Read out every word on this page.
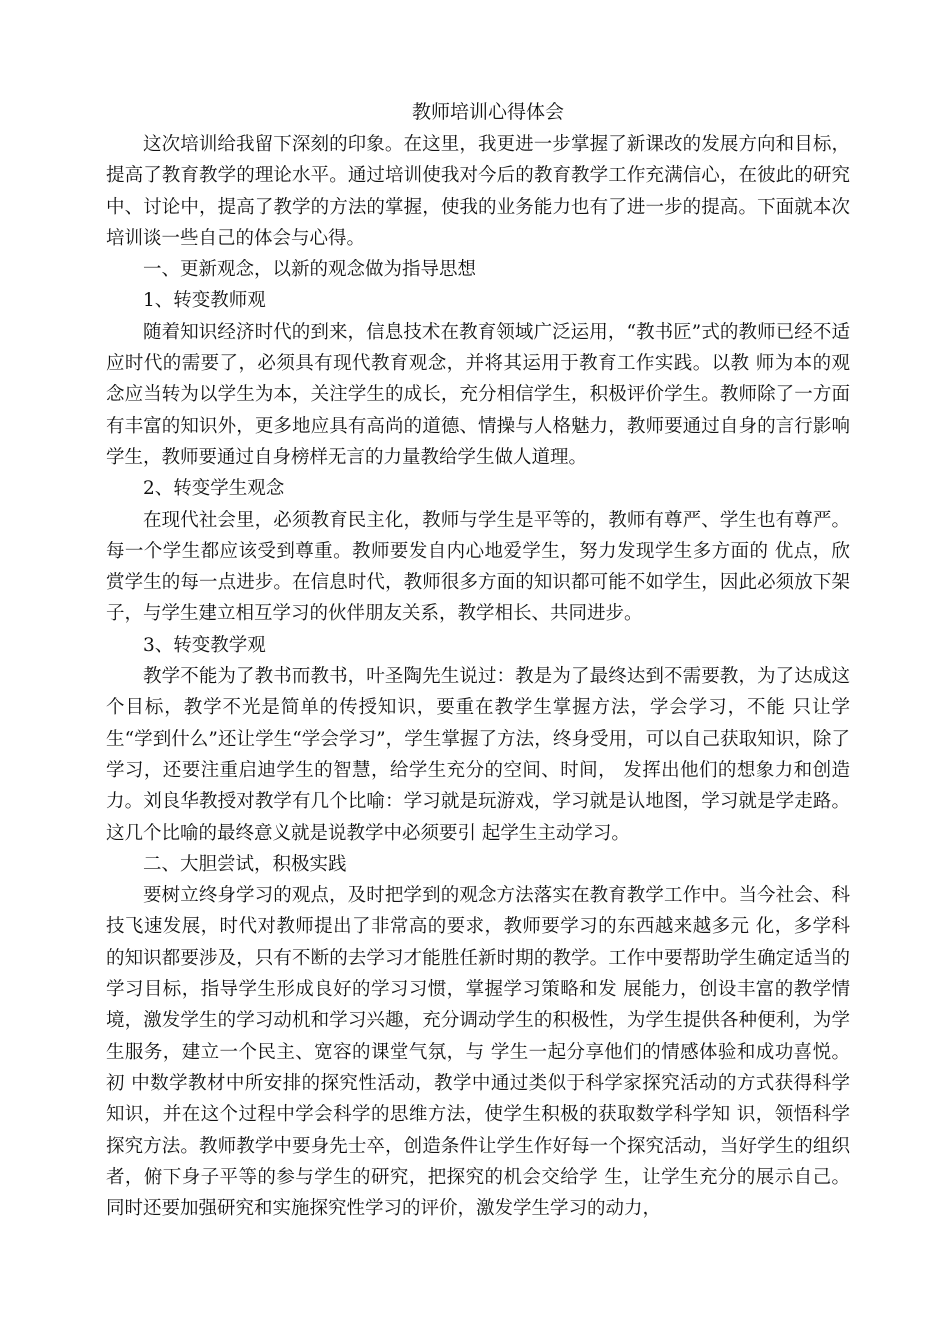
教师培训心得体会

这次培训给我留下深刻的印象。在这里，我更进一步掌握了新课改的发展方向和目标，提高了教育教学的理论水平。通过培训使我对今后的教育教学工作充满信心，在彼此的研究中、讨论中，提高了教学的方法的掌握，使我的业务能力也有了进一步的提高。下面就本次培训谈一些自己的体会与心得。

一、更新观念，以新的观念做为指导思想

1、转变教师观

随着知识经济时代的到来，信息技术在教育领域广泛运用，“教书匠”式的教师已经不适应时代的需要了，必须具有现代教育观念，并将其运用于教育工作实践。以教 师为本的观念应当转为以学生为本，关注学生的成长，充分相信学生，积极评价学生。教师除了一方面有丰富的知识外，更多地应具有高尚的道德、情操与人格魅力，教师要通过自身的言行影响学生，教师要通过自身榜样无言的力量教给学生做人道理。

2、转变学生观念

在现代社会里，必须教育民主化，教师与学生是平等的，教师有尊严、学生也有尊严。每一个学生都应该受到尊重。教师要发自内心地爱学生，努力发现学生多方面的 优点，欣赏学生的每一点进步。在信息时代，教师很多方面的知识都可能不如学生，因此必须放下架子，与学生建立相互学习的伙伴朋友关系，教学相长、共同进步。

3、转变教学观

教学不能为了教书而教书，叶圣陶先生说过：教是为了最终达到不需要教，为了达成这个目标，教学不光是简单的传授知识，要重在教学生掌握方法，学会学习，不能 只让学生“学到什么”还让学生“学会学习”，学生掌握了方法，终身受用，可以自己获取知识，除了学习，还要注重启迪学生的智慧，给学生充分的空间、时间， 发挥出他们的想象力和创造力。刘良华教授对教学有几个比喻：学习就是玩游戏，学习就是认地图，学习就是学走路。这几个比喻的最终意义就是说教学中必须要引 起学生主动学习。

二、大胆尝试，积极实践

要树立终身学习的观点，及时把学到的观念方法落实在教育教学工作中。当今社会、科技飞速发展，时代对教师提出了非常高的要求，教师要学习的东西越来越多元 化，多学科的知识都要涉及，只有不断的去学习才能胜任新时期的教学。工作中要帮助学生确定适当的学习目标，指导学生形成良好的学习习惯，掌握学习策略和发 展能力，创设丰富的教学情境，激发学生的学习动机和学习兴趣，充分调动学生的积极性，为学生提供各种便利，为学生服务，建立一个民主、宽容的课堂气氛，与 学生一起分享他们的情感体验和成功喜悦。初 中数学教材中所安排的探究性活动，教学中通过类似于科学家探究活动的方式获得科学知识，并在这个过程中学会科学的思维方法，使学生积极的获取数学科学知 识，领悟科学探究方法。教师教学中要身先士卒，创造条件让学生作好每一个探究活动，当好学生的组织者，俯下身子平等的参与学生的研究，把探究的机会交给学 生，让学生充分的展示自己。同时还要加强研究和实施探究性学习的评价，激发学生学习的动力，
